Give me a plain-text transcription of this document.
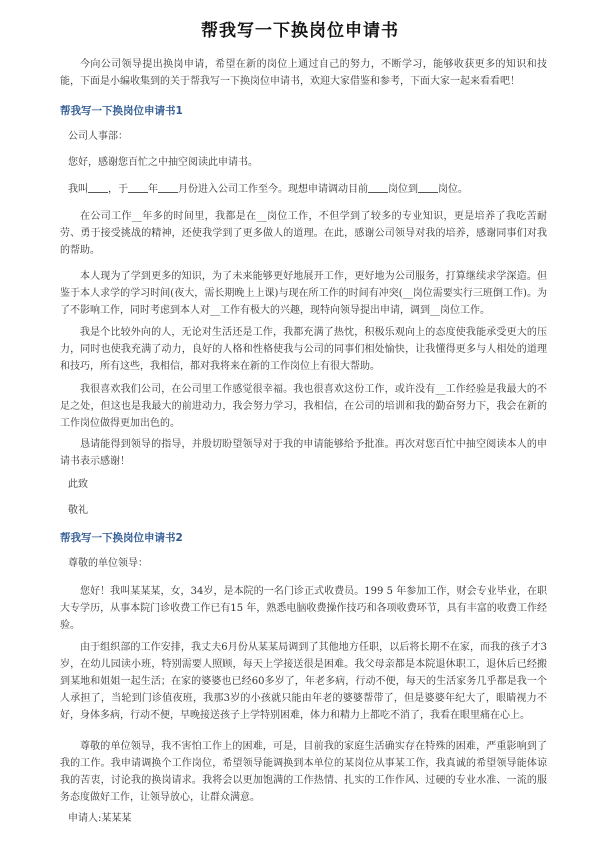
帮我写一下换岗位申请书

今向公司领导提出换岗申请，希望在新的岗位上通过自己的努力，不断学习，能够收获更多的知识和技能，下面是小编收集到的关于帮我写一下换岗位申请书，欢迎大家借鉴和参考，下面大家一起来看看吧！

帮我写一下换岗位申请书1

公司人事部：

您好，感谢您百忙之中抽空阅读此申请书。

我叫 ，于 年 月份进入公司工作至今。现想申请调动目前 岗位到 岗位。

在公司工作__年多的时间里，我都是在__岗位工作，不但学到了较多的专业知识，更是培养了我吃苦耐劳、勇于接受挑战的精神，还使我学到了更多做人的道理。在此，感谢公司领导对我的培养，感谢同事们对我的帮助。

本人现为了学到更多的知识，为了未来能够更好地展开工作，更好地为公司服务，打算继续求学深造。但鉴于本人求学的学习时间(夜大，需长期晚上上课)与现在所工作的时间有冲突(__岗位需要实行三班倒工作)。为了不影响工作，同时考虑到本人对__工作有极大的兴趣，现特向领导提出申请，调到__岗位工作。

我是个比较外向的人，无论对生活还是工作，我都充满了热忱，积极乐观向上的态度使我能承受更大的压力，同时也使我充满了动力，良好的人格和性格使我与公司的同事们相处愉快，让我懂得更多与人相处的道理和技巧，所有这些，我相信，都对我将来在新的工作岗位上有很大帮助。

我很喜欢我们公司，在公司里工作感觉很幸福。我也很喜欢这份工作，或许没有__工作经验是我最大的不足之处，但这也是我最大的前进动力，我会努力学习，我相信，在公司的培训和我的勤奋努力下，我会在新的工作岗位做得更加出色的。

恳请能得到领导的指导，并殷切盼望领导对于我的申请能够给予批准。再次对您百忙中抽空阅读本人的申请书表示感谢！

此致

敬礼

帮我写一下换岗位申请书2

尊敬的单位领导：

您好！我叫某某某，女，34岁，是本院的一名门诊正式收费员。199 5 年参加工作，财会专业毕业，在职大专学历，从事本院门诊收费工作已有15 年，熟悉电脑收费操作技巧和各项收费环节，具有丰富的收费工作经验。

由于组织部的工作安排，我丈夫6月份从某某局调到了其他地方任职，以后将长期不在家，而我的孩子才3岁，在幼儿园读小班，特别需要人照顾，每天上学接送很是困难。我父母亲都是本院退休职工，退休后已经搬到某地和姐姐一起生活；在家的婆婆也已经60多岁了，年老多病，行动不便，每天的生活家务几乎都是我一个人承担了，当轮到门诊值夜班，我那3岁的小孩就只能由年老的婆婆帮带了，但是婆婆年纪大了，眼睛视力不好，身体多病，行动不便，早晚接送孩子上学特别困难，体力和精力上都吃不消了，我看在眼里痛在心上。

尊敬的单位领导，我不害怕工作上的困难，可是，目前我的家庭生活确实存在特殊的困难，严重影响到了我的工作。我申请调换个工作岗位，希望领导能调换到本单位的某岗位从事某工作，我真诚的希望领导能体谅我的苦衷，讨论我的换岗请求。我将会以更加饱满的工作热情、扎实的工作作风、过硬的专业水准、一流的服务态度做好工作，让领导放心，让群众满意。

申请人:某某某
